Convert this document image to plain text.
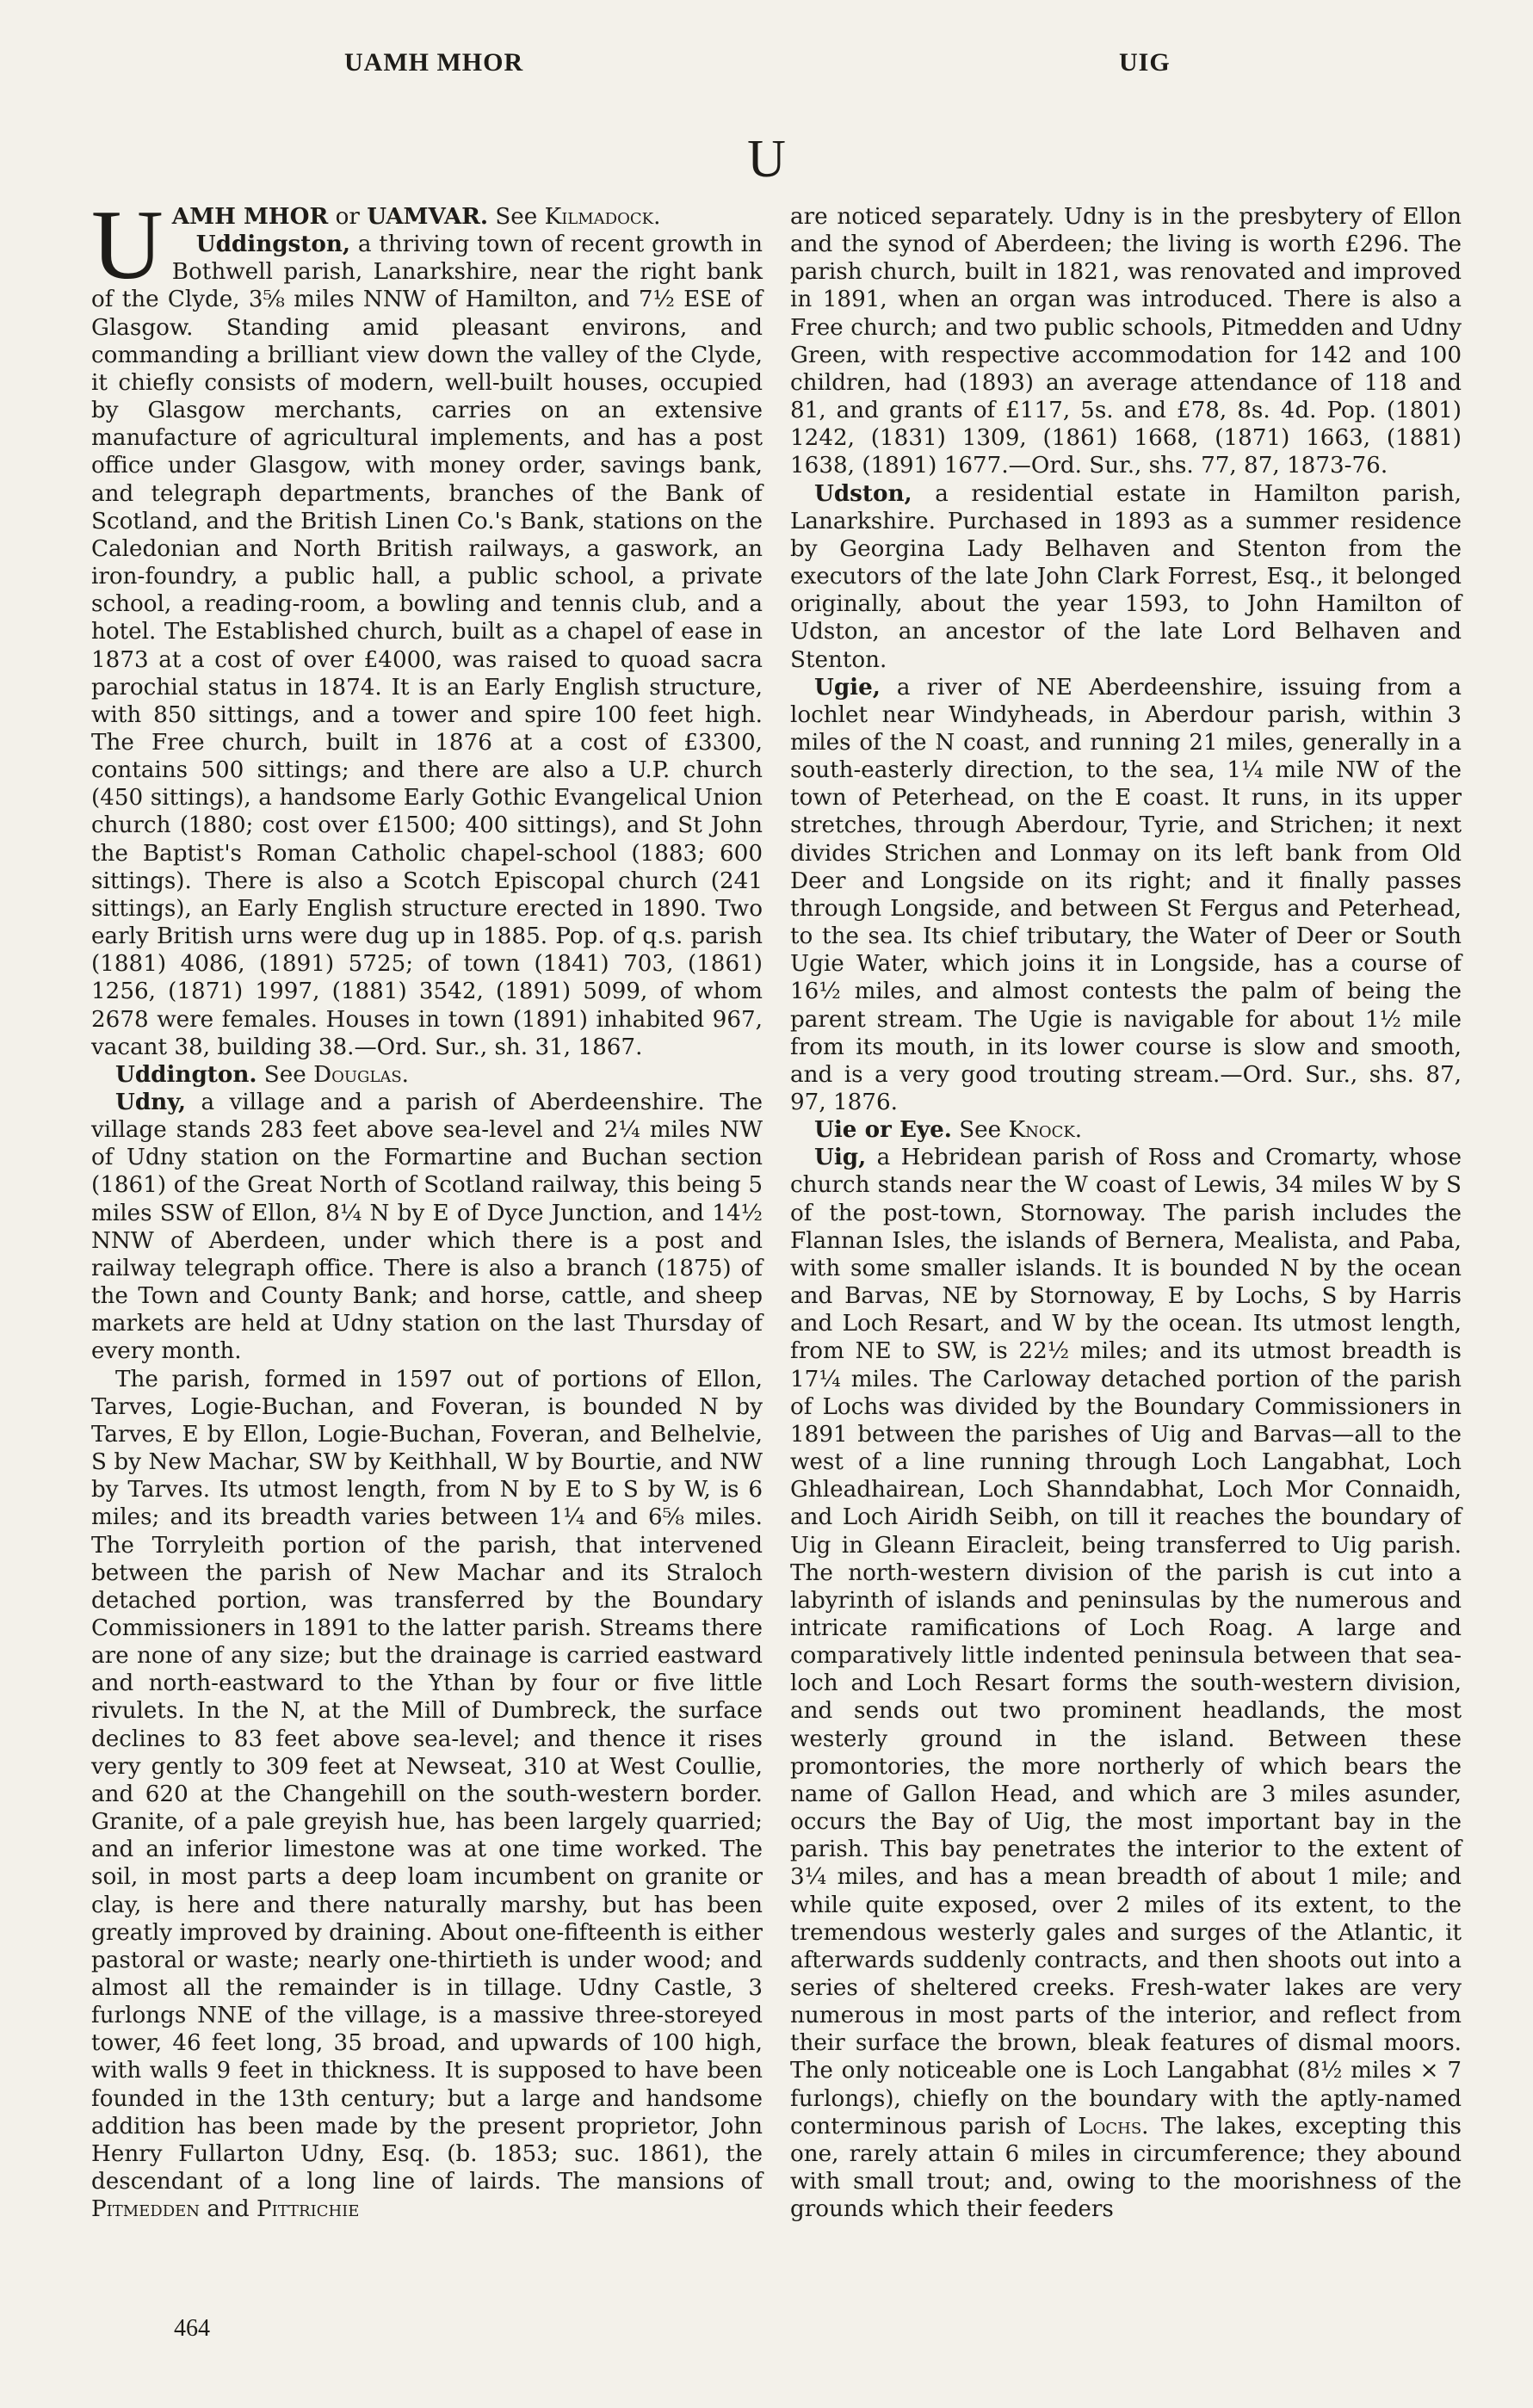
UAMH MHOR	UIG
U

UAMH MHOR or UAMVAR. See Kilmadock.

Uddingston, a thriving town of recent growth in Bothwell parish, Lanarkshire, near the right bank of the Clyde, 3⅝ miles NNW of Hamilton, and 7½ ESE of Glasgow. Standing amid pleasant environs, and commanding a brilliant view down the valley of the Clyde, it chiefly consists of modern, well-built houses, occupied by Glasgow merchants, carries on an extensive manufacture of agricultural implements, and has a post office under Glasgow, with money order, savings bank, and telegraph departments, branches of the Bank of Scotland, and the British Linen Co.'s Bank, stations on the Caledonian and North British railways, a gaswork, an iron-foundry, a public hall, a public school, a private school, a reading-room, a bowling and tennis club, and a hotel. The Established church, built as a chapel of ease in 1873 at a cost of over £4000, was raised to quoad sacra parochial status in 1874. It is an Early English structure, with 850 sittings, and a tower and spire 100 feet high. The Free church, built in 1876 at a cost of £3300, contains 500 sittings; and there are also a U.P. church (450 sittings), a handsome Early Gothic Evangelical Union church (1880; cost over £1500; 400 sittings), and St John the Baptist's Roman Catholic chapel-school (1883; 600 sittings). There is also a Scotch Episcopal church (241 sittings), an Early English structure erected in 1890. Two early British urns were dug up in 1885. Pop. of q.s. parish (1881) 4086, (1891) 5725; of town (1841) 703, (1861) 1256, (1871) 1997, (1881) 3542, (1891) 5099, of whom 2678 were females. Houses in town (1891) inhabited 967, vacant 38, building 38.—Ord. Sur., sh. 31, 1867.

Uddington. See Douglas.

Udny, a village and a parish of Aberdeenshire. The village stands 283 feet above sea-level and 2¼ miles NW of Udny station on the Formartine and Buchan section (1861) of the Great North of Scotland railway, this being 5 miles SSW of Ellon, 8¼ N by E of Dyce Junction, and 14½ NNW of Aberdeen, under which there is a post and railway telegraph office. There is also a branch (1875) of the Town and County Bank; and horse, cattle, and sheep markets are held at Udny station on the last Thursday of every month.

The parish, formed in 1597 out of portions of Ellon, Tarves, Logie-Buchan, and Foveran, is bounded N by Tarves, E by Ellon, Logie-Buchan, Foveran, and Belhelvie, S by New Machar, SW by Keithhall, W by Bourtie, and NW by Tarves. Its utmost length, from N by E to S by W, is 6 miles; and its breadth varies between 1¼ and 6⅝ miles. The Torryleith portion of the parish, that intervened between the parish of New Machar and its Straloch detached portion, was transferred by the Boundary Commissioners in 1891 to the latter parish. Streams there are none of any size; but the drainage is carried eastward and north-eastward to the Ythan by four or five little rivulets. In the N, at the Mill of Dumbreck, the surface declines to 83 feet above sea-level; and thence it rises very gently to 309 feet at Newseat, 310 at West Coullie, and 620 at the Changehill on the south-western border. Granite, of a pale greyish hue, has been largely quarried; and an inferior limestone was at one time worked. The soil, in most parts a deep loam incumbent on granite or clay, is here and there naturally marshy, but has been greatly improved by draining. About one-fifteenth is either pastoral or waste; nearly one-thirtieth is under wood; and almost all the remainder is in tillage. Udny Castle, 3 furlongs NNE of the village, is a massive three-storeyed tower, 46 feet long, 35 broad, and upwards of 100 high, with walls 9 feet in thickness. It is supposed to have been founded in the 13th century; but a large and handsome addition has been made by the present proprietor, John Henry Fullarton Udny, Esq. (b. 1853; suc. 1861), the descendant of a long line of lairds. The mansions of Pitmedden and Pittrichie

are noticed separately. Udny is in the presbytery of Ellon and the synod of Aberdeen; the living is worth £296. The parish church, built in 1821, was renovated and improved in 1891, when an organ was introduced. There is also a Free church; and two public schools, Pitmedden and Udny Green, with respective accommodation for 142 and 100 children, had (1893) an average attendance of 118 and 81, and grants of £117, 5s. and £78, 8s. 4d. Pop. (1801) 1242, (1831) 1309, (1861) 1668, (1871) 1663, (1881) 1638, (1891) 1677.—Ord. Sur., shs. 77, 87, 1873-76.

Udston, a residential estate in Hamilton parish, Lanarkshire. Purchased in 1893 as a summer residence by Georgina Lady Belhaven and Stenton from the executors of the late John Clark Forrest, Esq., it belonged originally, about the year 1593, to John Hamilton of Udston, an ancestor of the late Lord Belhaven and Stenton.

Ugie, a river of NE Aberdeenshire, issuing from a lochlet near Windyheads, in Aberdour parish, within 3 miles of the N coast, and running 21 miles, generally in a south-easterly direction, to the sea, 1¼ mile NW of the town of Peterhead, on the E coast. It runs, in its upper stretches, through Aberdour, Tyrie, and Strichen; it next divides Strichen and Lonmay on its left bank from Old Deer and Longside on its right; and it finally passes through Longside, and between St Fergus and Peterhead, to the sea. Its chief tributary, the Water of Deer or South Ugie Water, which joins it in Longside, has a course of 16½ miles, and almost contests the palm of being the parent stream. The Ugie is navigable for about 1½ mile from its mouth, in its lower course is slow and smooth, and is a very good trouting stream.—Ord. Sur., shs. 87, 97, 1876.

Uie or Eye. See Knock.

Uig, a Hebridean parish of Ross and Cromarty, whose church stands near the W coast of Lewis, 34 miles W by S of the post-town, Stornoway. The parish includes the Flannan Isles, the islands of Bernera, Mealista, and Paba, with some smaller islands. It is bounded N by the ocean and Barvas, NE by Stornoway, E by Lochs, S by Harris and Loch Resart, and W by the ocean. Its utmost length, from NE to SW, is 22½ miles; and its utmost breadth is 17¼ miles. The Carloway detached portion of the parish of Lochs was divided by the Boundary Commissioners in 1891 between the parishes of Uig and Barvas—all to the west of a line running through Loch Langabhat, Loch Ghleadhairean, Loch Shanndabhat, Loch Mor Connaidh, and Loch Airidh Seibh, on till it reaches the boundary of Uig in Gleann Eiracleit, being transferred to Uig parish. The north-western division of the parish is cut into a labyrinth of islands and peninsulas by the numerous and intricate ramifications of Loch Roag. A large and comparatively little indented peninsula between that sea-loch and Loch Resart forms the south-western division, and sends out two prominent headlands, the most westerly ground in the island. Between these promontories, the more northerly of which bears the name of Gallon Head, and which are 3 miles asunder, occurs the Bay of Uig, the most important bay in the parish. This bay penetrates the interior to the extent of 3¼ miles, and has a mean breadth of about 1 mile; and while quite exposed, over 2 miles of its extent, to the tremendous westerly gales and surges of the Atlantic, it afterwards suddenly contracts, and then shoots out into a series of sheltered creeks. Fresh-water lakes are very numerous in most parts of the interior, and reflect from their surface the brown, bleak features of dismal moors. The only noticeable one is Loch Langabhat (8½ miles × 7 furlongs), chiefly on the boundary with the aptly-named conterminous parish of Lochs. The lakes, excepting this one, rarely attain 6 miles in circumference; they abound with small trout; and, owing to the moorishness of the grounds which their feeders

464
